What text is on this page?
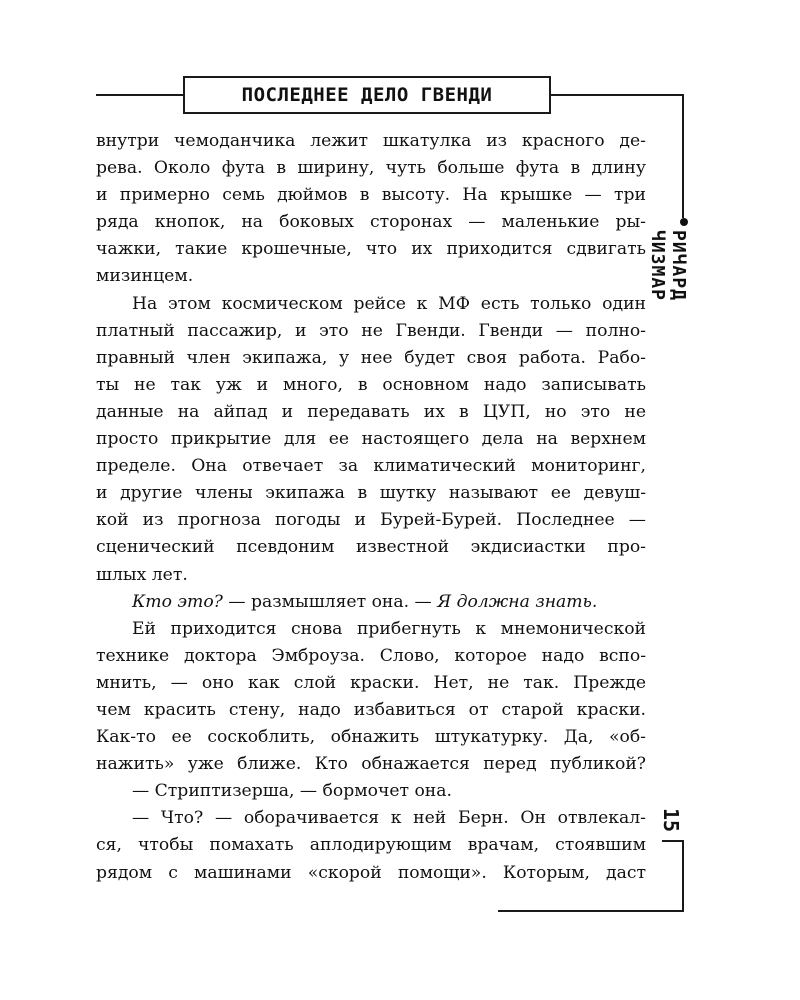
ПОСЛЕДНЕЕ ДЕЛО ГВЕНДИ
РИЧАРД ЧИЗМАР
15
внутри чемоданчика лежит шкатулка из красного де-
рева. Около фута в ширину, чуть больше фута в длину
и примерно семь дюймов в высоту. На крышке — три
ряда кнопок, на боковых сторонах — маленькие ры-
чажки, такие крошечные, что их приходится сдвигать
мизинцем.
На этом космическом рейсе к МФ есть только один
платный пассажир, и это не Гвенди. Гвенди — полно-
правный член экипажа, у нее будет своя работа. Рабо-
ты не так уж и много, в основном надо записывать
данные на айпад и передавать их в ЦУП, но это не
просто прикрытие для ее настоящего дела на верхнем
пределе. Она отвечает за климатический мониторинг,
и другие члены экипажа в шутку называют ее девуш-
кой из прогноза погоды и Бурей-Бурей. Последнее —
сценический псевдоним известной экдисиастки про-
шлых лет.
Кто это? — размышляет она. — Я должна знать.
Ей приходится снова прибегнуть к мнемонической
технике доктора Эмброуза. Слово, которое надо вспо-
мнить, — оно как слой краски. Нет, не так. Прежде
чем красить стену, надо избавиться от старой краски.
Как-то ее соскоблить, обнажить штукатурку. Да, «об-
нажить» уже ближе. Кто обнажается перед публикой?
— Стриптизерша, — бормочет она.
— Что? — оборачивается к ней Берн. Он отвлекал-
ся, чтобы помахать аплодирующим врачам, стоявшим
рядом с машинами «скорой помощи». Которым, даст
